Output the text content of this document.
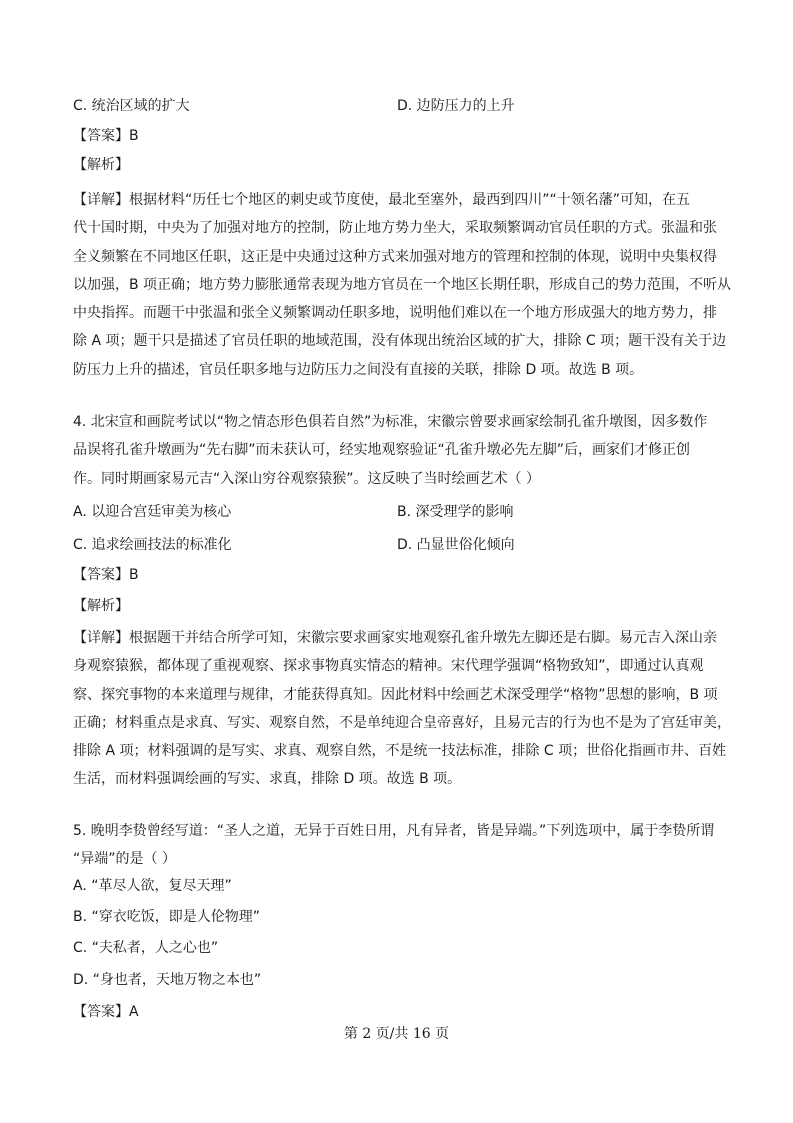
C. 统治区域的扩大	D. 边防压力的上升
【答案】B
【解析】
【详解】根据材料“历任七个地区的刺史或节度使，最北至塞外，最西到四川”“十领名藩”可知，在五
代十国时期，中央为了加强对地方的控制，防止地方势力坐大，采取频繁调动官员任职的方式。张温和张
全义频繁在不同地区任职，这正是中央通过这种方式来加强对地方的管理和控制的体现，说明中央集权得
以加强，B 项正确；地方势力膨胀通常表现为地方官员在一个地区长期任职，形成自己的势力范围，不听从
中央指挥。而题干中张温和张全义频繁调动任职多地，说明他们难以在一个地方形成强大的地方势力，排
除 A 项；题干只是描述了官员任职的地域范围，没有体现出统治区域的扩大，排除 C 项；题干没有关于边
防压力上升的描述，官员任职多地与边防压力之间没有直接的关联，排除 D 项。故选 B 项。
4. 北宋宣和画院考试以“物之情态形色俱若自然”为标准，宋徽宗曾要求画家绘制孔雀升墩图，因多数作
品误将孔雀升墩画为“先右脚”而未获认可，经实地观察验证“孔雀升墩必先左脚”后，画家们才修正创
作。同时期画家易元吉“入深山穷谷观察猿猴”。这反映了当时绘画艺术（ ）
A. 以迎合宫廷审美为核心	B. 深受理学的影响
C. 追求绘画技法的标准化	D. 凸显世俗化倾向
【答案】B
【解析】
【详解】根据题干并结合所学可知，宋徽宗要求画家实地观察孔雀升墩先左脚还是右脚。易元吉入深山亲
身观察猿猴，都体现了重视观察、探求事物真实情态的精神。宋代理学强调“格物致知”，即通过认真观
察、探究事物的本来道理与规律，才能获得真知。因此材料中绘画艺术深受理学“格物”思想的影响，B 项
正确；材料重点是求真、写实、观察自然，不是单纯迎合皇帝喜好，且易元吉的行为也不是为了宫廷审美，
排除 A 项；材料强调的是写实、求真、观察自然，不是统一技法标准，排除 C 项；世俗化指画市井、百姓
生活，而材料强调绘画的写实、求真，排除 D 项。故选 B 项。
5. 晚明李贽曾经写道：“圣人之道，无异于百姓日用，凡有异者，皆是异端。”下列选项中，属于李贽所谓
“异端”的是（ ）
A. “革尽人欲，复尽天理”
B. “穿衣吃饭，即是人伦物理”
C. “夫私者，人之心也”
D. “身也者，天地万物之本也”
【答案】A
第 2 页/共 16 页
